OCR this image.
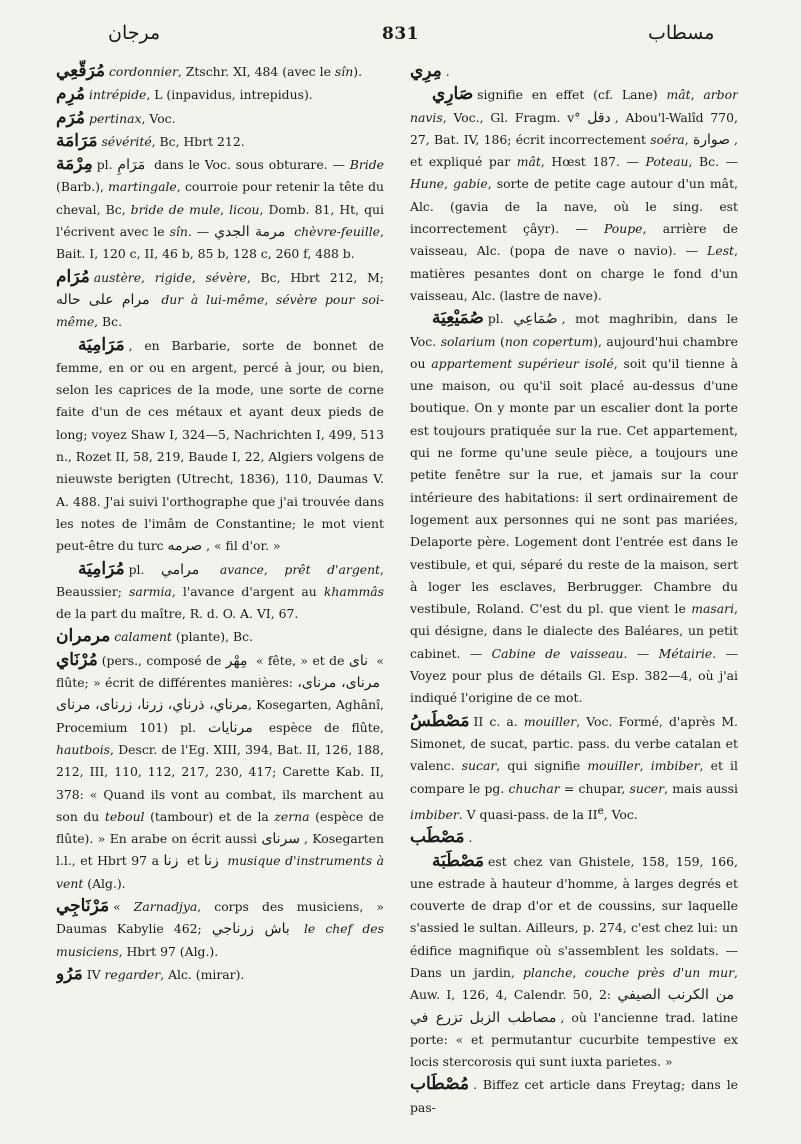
مرجان	831	مسطاب

مُرَقَّعِي cordonnier, Ztschr. XI, 484 (avec le sîn).

مُرِم intrépide, L (inpavidus, intrepidus).

مُرَم pertinax, Voc.

مَرَامَة sévérité, Bc, Hbrt 212.

مِرْمَة pl. مَرَامِ dans le Voc. sous obturare. — Bride (Barb.), martingale, courroie pour retenir la tête du cheval, Bc, bride de mule, licou, Domb. 81, Ht, qui l'écrivent avec le sîn. — مرمة الجدي chèvre-feuille, Bait. I, 120 c, II, 46 b, 85 b, 128 c, 260 f, 488 b.

مُرَام austère, rigide, sévère, Bc, Hbrt 212, M; مرام على حاله dur à lui-même, sévère pour soi-même, Bc.

مَرَامِيَة , en Barbarie, sorte de bonnet de femme, en or ou en argent, percé à jour, ou bien, selon les caprices de la mode, une sorte de corne faite d'un de ces métaux et ayant deux pieds de long; voyez Shaw I, 324—5, Nachrichten I, 499, 513 n., Rozet II, 58, 219, Baude I, 22, Algiers volgens de nieuwste berigten (Utrecht, 1836), 110, Daumas V. A. 488. J'ai suivi l'orthographe que j'ai trouvée dans les notes de l'imâm de Constantine; le mot vient peut-être du turc صرمه , « fil d'or. »

مُرَامِيَة pl. مرامي avance, prêt d'argent, Beaussier; sarmia, l'avance d'argent au khammâs de la part du maître, R. d. O. A. VI, 67.

مرمران calament (plante), Bc.

مُرْنَاي (pers., composé de مِهْر « fête, » et de نای « flûte; » écrit de différentes manières: مرنای، مرنای، مرناي، ذرناي، زرنا، زرنای، مرنای, Kosegarten, Aghânî, Procemium 101) pl. مرنايات espèce de flûte, hautbois, Descr. de l'Eg. XIII, 394, Bat. II, 126, 188, 212, III, 110, 112, 217, 230, 417; Carette Kab. II, 378: « Quand ils vont au combat, ils marchent au son du teboul (tambour) et de la zerna (espèce de flûte). » En arabe on écrit aussi سرنای , Kosegarten l.l., et Hbrt 97 a زنا et زنا musique d'instruments à vent (Alg.).

مَرْنَاجِي « Zarnadjya, corps des musiciens, » Daumas Kabylie 462; باش زرناجي le chef des musiciens, Hbrt 97 (Alg.).

مَرُو IV regarder, Alc. (mirar).

مِرِي .

صَارِي signifie en effet (cf. Lane) mât, arbor navis, Voc., Gl. Fragm. v° دقل , Abou'l-Walîd 770, 27, Bat. IV, 186; écrit incorrectement soéra, صوارة , et expliqué par mât, Hœst 187. — Poteau, Bc. — Hune, gabie, sorte de petite cage autour d'un mât, Alc. (gavia de la nave, où le sing. est incorrectement çâyr). — Poupe, arrière de vaisseau, Alc. (popa de nave o navio). — Lest, matières pesantes dont on charge le fond d'un vaisseau, Alc. (lastre de nave).

صُمَيْعِيَة pl. صُمَاعِي , mot maghribin, dans le Voc. solarium (non copertum), aujourd'hui chambre ou appartement supérieur isolé, soit qu'il tienne à une maison, ou qu'il soit placé au-dessus d'une boutique. On y monte par un escalier dont la porte est toujours pratiquée sur la rue. Cet appartement, qui ne forme qu'une seule pièce, a toujours une petite fenêtre sur la rue, et jamais sur la cour intérieure des habitations: il sert ordinairement de logement aux personnes qui ne sont pas mariées, Delaporte père. Logement dont l'entrée est dans le vestibule, et qui, séparé du reste de la maison, sert à loger les esclaves, Berbrugger. Chambre du vestibule, Roland. C'est du pl. que vient le masari, qui désigne, dans le dialecte des Baléares, un petit cabinet. — Cabine de vaisseau. — Métairie. — Voyez pour plus de détails Gl. Esp. 382—4, où j'ai indiqué l'origine de ce mot.

مَصْطَسُ II c. a. mouiller, Voc. Formé, d'après M. Simonet, de sucat, partic. pass. du verbe catalan et valenc. sucar, qui signifie mouiller, imbiber, et il compare le pg. chuchar = chupar, sucer, mais aussi imbiber. V quasi-pass. de la IIe, Voc.

مَصْطَب .

مَصْطَبَة est chez van Ghistele, 158, 159, 166, une estrade à hauteur d'homme, à larges degrés et couverte de drap d'or et de coussins, sur laquelle s'assied le sultan. Ailleurs, p. 274, c'est chez lui: un édifice magnifique où s'assemblent les soldats. — Dans un jardin, planche, couche près d'un mur, Auw. I, 126, 4, Calendr. 50, 2: من الكرنب الصيفي تزرع في مصاطب الزبل , où l'ancienne trad. latine porte: « et permutantur cucurbite tempestive ex locis stercorosis qui sunt iuxta parietes. »

مُصْطَاب . Biffez cet article dans Freytag; dans le pas-
